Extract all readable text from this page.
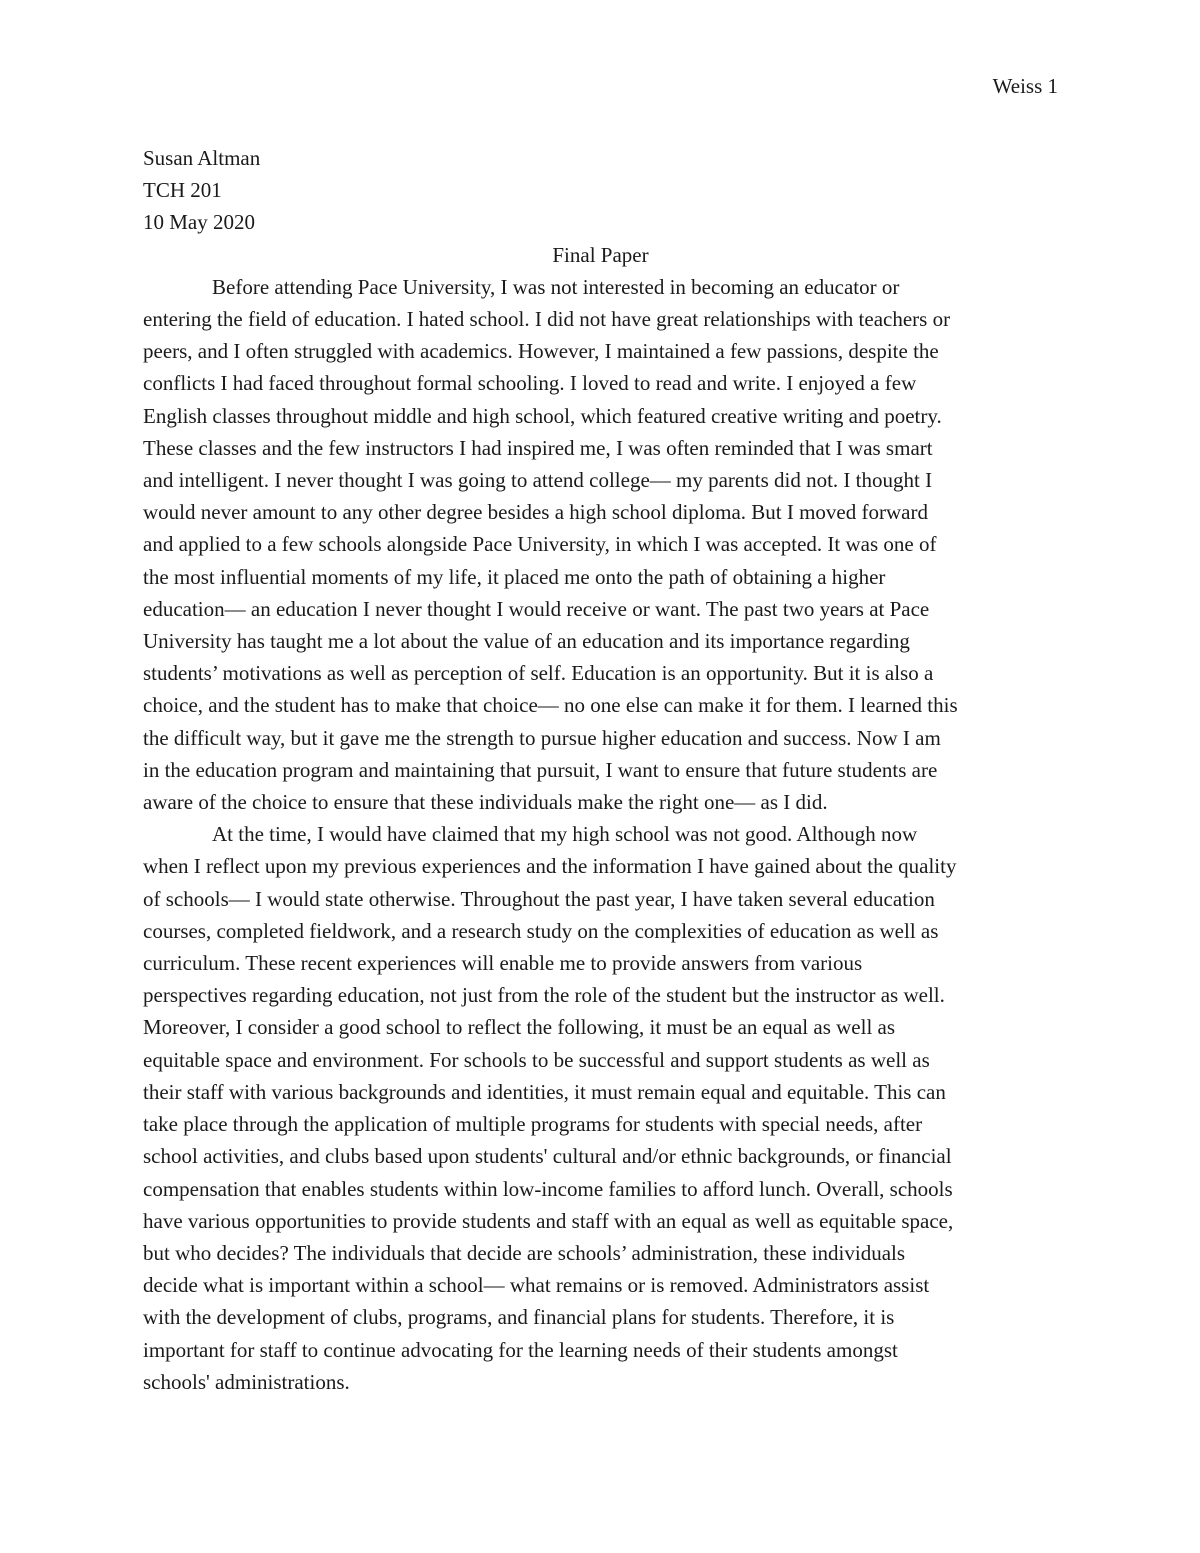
Weiss 1

Susan Altman

TCH 201

10 May 2020

Final Paper

Before attending Pace University, I was not interested in becoming an educator or
entering the field of education. I hated school. I did not have great relationships with teachers or
peers, and I often struggled with academics. However, I maintained a few passions, despite the
conflicts I had faced throughout formal schooling. I loved to read and write. I enjoyed a few
English classes throughout middle and high school, which featured creative writing and poetry.
These classes and the few instructors I had inspired me, I was often reminded that I was smart
and intelligent. I never thought I was going to attend college— my parents did not. I thought I
would never amount to any other degree besides a high school diploma. But I moved forward
and applied to a few schools alongside Pace University, in which I was accepted. It was one of
the most influential moments of my life, it placed me onto the path of obtaining a higher
education— an education I never thought I would receive or want. The past two years at Pace
University has taught me a lot about the value of an education and its importance regarding
students’ motivations as well as perception of self. Education is an opportunity. But it is also a
choice, and the student has to make that choice— no one else can make it for them. I learned this
the difficult way, but it gave me the strength to pursue higher education and success. Now I am
in the education program and maintaining that pursuit, I want to ensure that future students are
aware of the choice to ensure that these individuals make the right one— as I did.

At the time, I would have claimed that my high school was not good. Although now
when I reflect upon my previous experiences and the information I have gained about the quality
of schools— I would state otherwise. Throughout the past year, I have taken several education
courses, completed fieldwork, and a research study on the complexities of education as well as
curriculum. These recent experiences will enable me to provide answers from various
perspectives regarding education, not just from the role of the student but the instructor as well.
Moreover, I consider a good school to reflect the following, it must be an equal as well as
equitable space and environment. For schools to be successful and support students as well as
their staff with various backgrounds and identities, it must remain equal and equitable. This can
take place through the application of multiple programs for students with special needs, after
school activities, and clubs based upon students' cultural and/or ethnic backgrounds, or financial
compensation that enables students within low-income families to afford lunch. Overall, schools
have various opportunities to provide students and staff with an equal as well as equitable space,
but who decides? The individuals that decide are schools’ administration, these individuals
decide what is important within a school— what remains or is removed. Administrators assist
with the development of clubs, programs, and financial plans for students. Therefore, it is
important for staff to continue advocating for the learning needs of their students amongst
schools' administrations.
